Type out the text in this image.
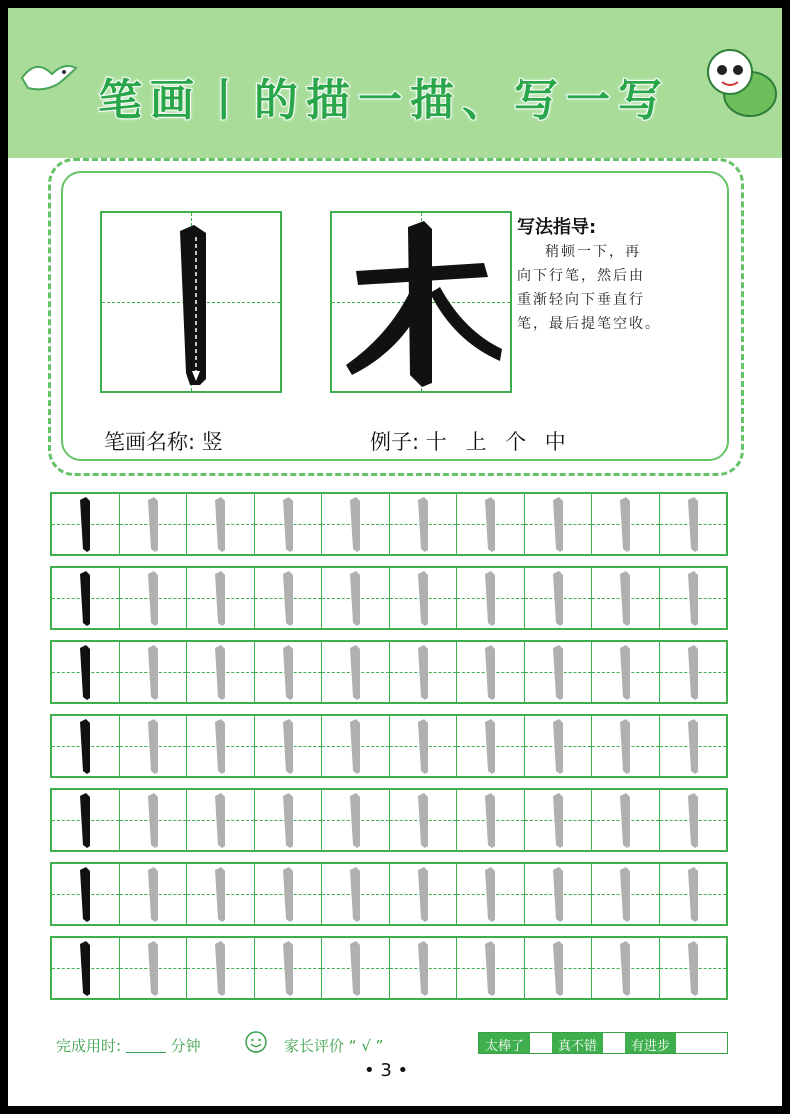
笔画丨的描一描、写一写
写法指导:
稍顿一下，再
向下行笔，然后由
重渐轻向下垂直行
笔，最后提笔空收。
笔画名称: 竖	例子: 十 上 个 中
完成用时:	分钟	家长评价 “ √ ”	太棒了	真不错	有进步
• 3 •
